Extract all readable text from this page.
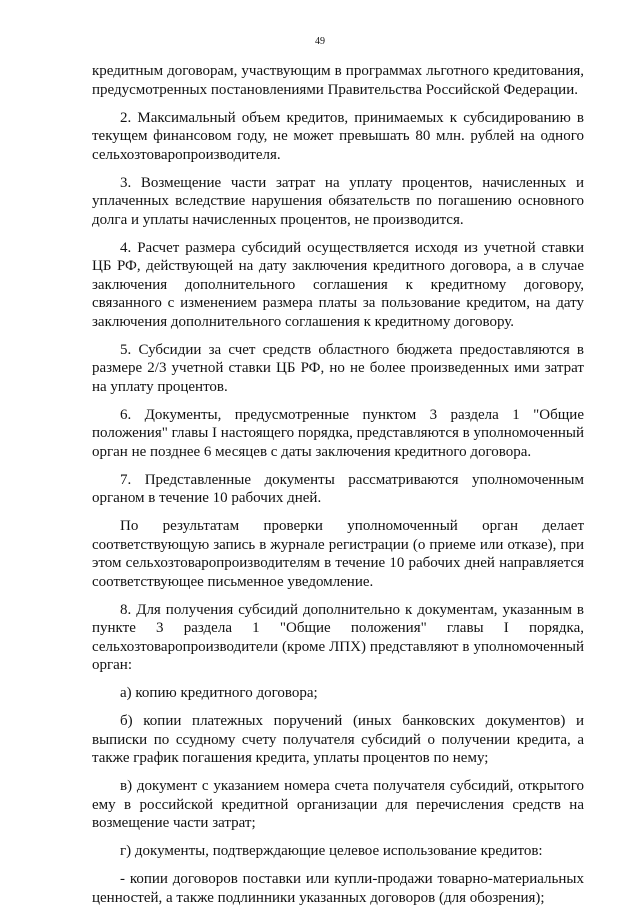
49

кредитным договорам, участвующим в программах льготного кредитования, предусмотренных постановлениями Правительства Российской Федерации.

2. Максимальный объем кредитов, принимаемых к субсидированию в текущем финансовом году, не может превышать 80 млн. рублей на одного сельхозтоваропроизводителя.

3. Возмещение части затрат на уплату процентов, начисленных и уплаченных вследствие нарушения обязательств по погашению основного долга и уплаты начисленных процентов, не производится.

4. Расчет размера субсидий осуществляется исходя из учетной ставки ЦБ РФ, действующей на дату заключения кредитного договора, а в случае заключения дополнительного соглашения к кредитному договору, связанного с изменением размера платы за пользование кредитом, на дату заключения дополнительного соглашения к кредитному договору.

5. Субсидии за счет средств областного бюджета предоставляются в размере 2/3 учетной ставки ЦБ РФ, но не более произведенных ими затрат на уплату процентов.

6. Документы, предусмотренные пунктом 3 раздела 1 "Общие положения" главы I настоящего порядка, представляются в уполномоченный орган не позднее 6 месяцев с даты заключения кредитного договора.

7. Представленные документы рассматриваются уполномоченным органом в течение 10 рабочих дней.

По результатам проверки уполномоченный орган делает соответствующую запись в журнале регистрации (о приеме или отказе), при этом сельхозтоваропроизводителям в течение 10 рабочих дней направляется соответствующее письменное уведомление.

8. Для получения субсидий дополнительно к документам, указанным в пункте 3 раздела 1 "Общие положения" главы I порядка, сельхозтоваропроизводители (кроме ЛПХ) представляют в уполномоченный орган:

а) копию кредитного договора;

б) копии платежных поручений (иных банковских документов) и выписки по ссудному счету получателя субсидий о получении кредита, а также график погашения кредита, уплаты процентов по нему;

в) документ с указанием номера счета получателя субсидий, открытого ему в российской кредитной организации для перечисления средств на возмещение части затрат;

г) документы, подтверждающие целевое использование кредитов:

- копии договоров поставки или купли-продажи товарно-материальных ценностей, а также подлинники указанных договоров (для обозрения);
